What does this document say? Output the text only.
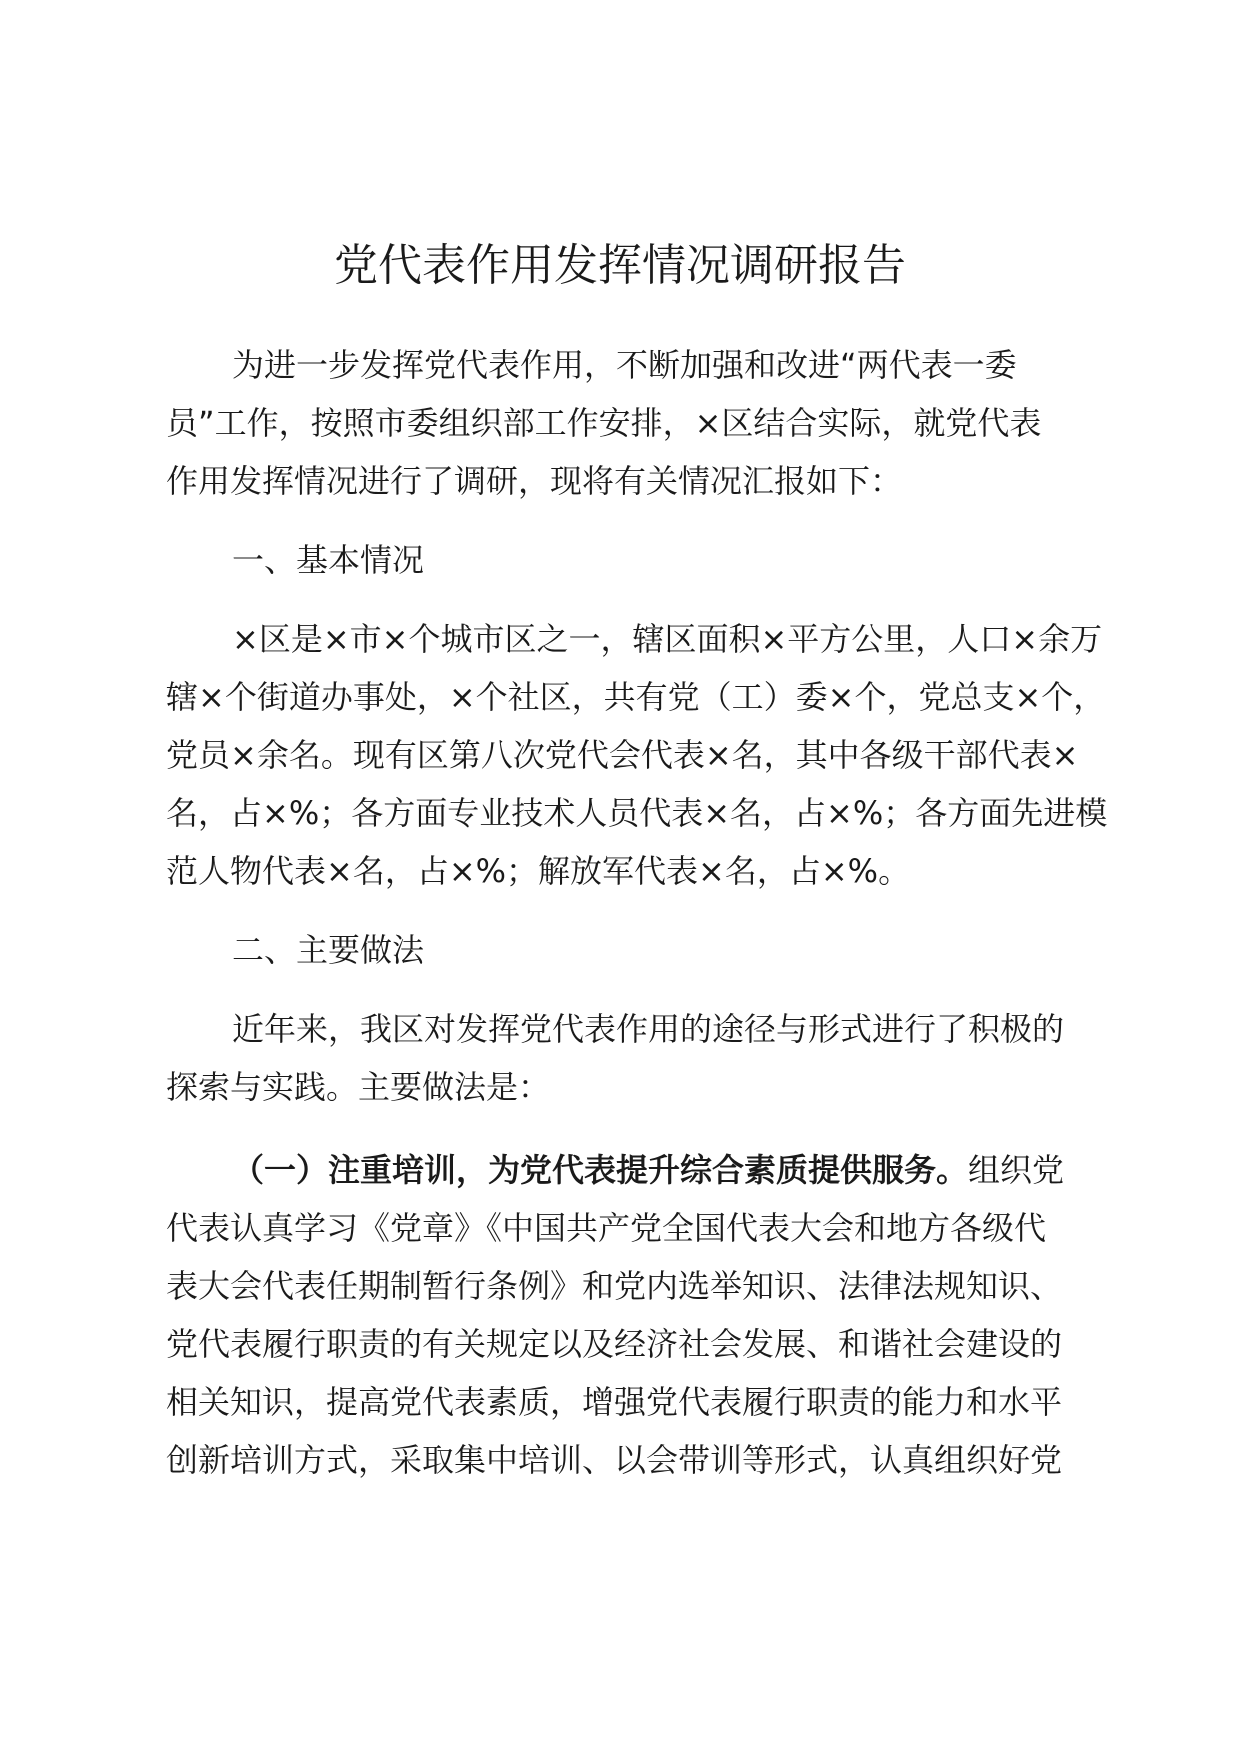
党代表作用发挥情况调研报告
为进一步发挥党代表作用，不断加强和改进“两代表一委
员”工作，按照市委组织部工作安排，×区结合实际，就党代表
作用发挥情况进行了调研，现将有关情况汇报如下：
一、基本情况
×区是×市×个城市区之一，辖区面积×平方公里，人口×余万
辖×个街道办事处，×个社区，共有党（工）委×个，党总支×个，
党员×余名。现有区第八次党代会代表×名，其中各级干部代表×
名，占×%；各方面专业技术人员代表×名，占×%；各方面先进模
范人物代表×名，占×%；解放军代表×名，占×%。
二、主要做法
近年来，我区对发挥党代表作用的途径与形式进行了积极的
探索与实践。主要做法是：
（一）注重培训，为党代表提升综合素质提供服务。组织党
代表认真学习《党章》《中国共产党全国代表大会和地方各级代
表大会代表任期制暂行条例》和党内选举知识、法律法规知识、
党代表履行职责的有关规定以及经济社会发展、和谐社会建设的
相关知识，提高党代表素质，增强党代表履行职责的能力和水平
创新培训方式，采取集中培训、以会带训等形式，认真组织好党
